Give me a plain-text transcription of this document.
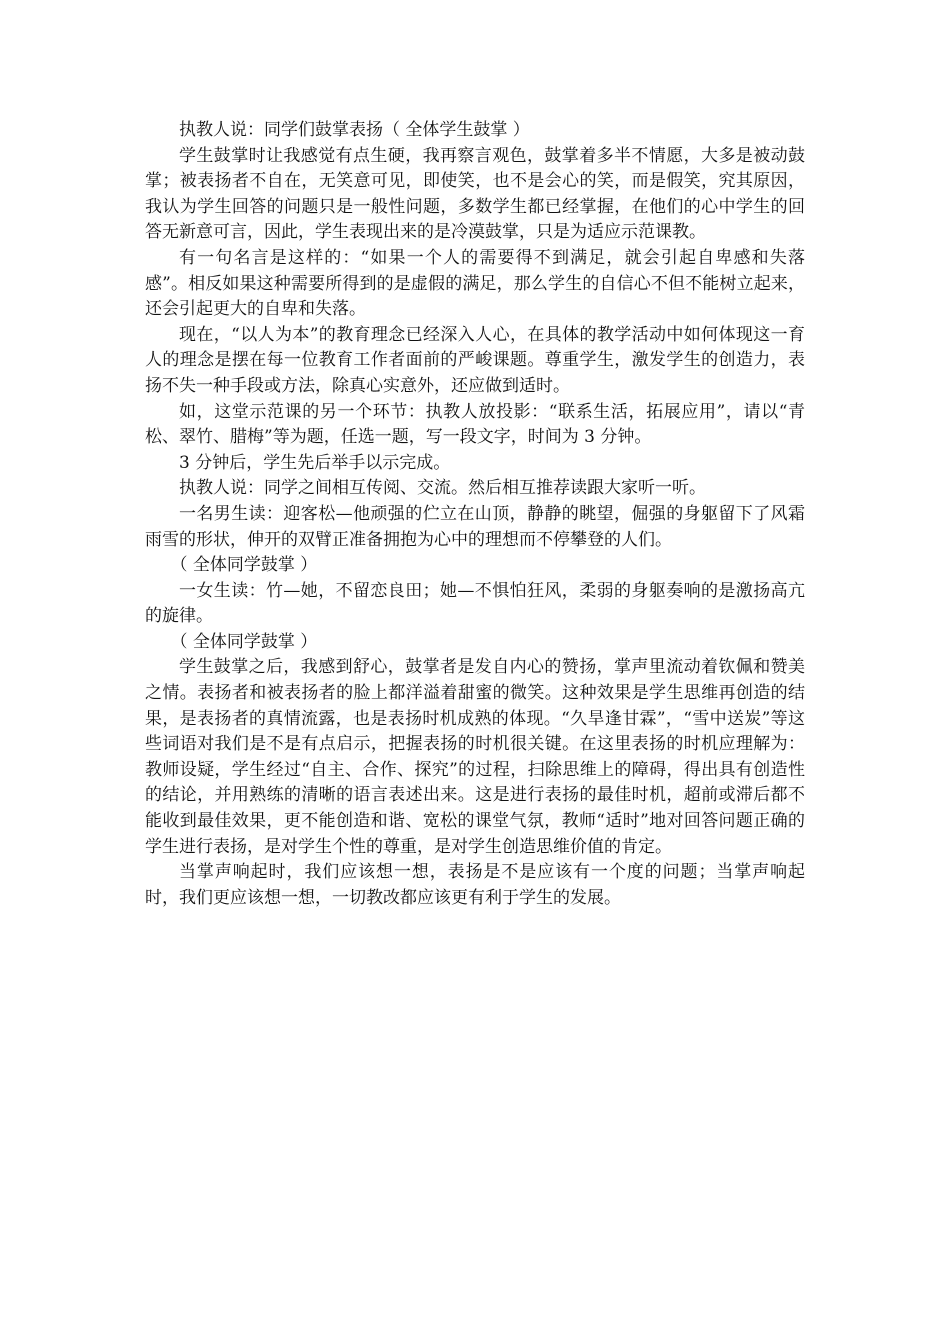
执教人说：同学们鼓掌表扬（ 全体学生鼓掌 ）

学生鼓掌时让我感觉有点生硬，我再察言观色，鼓掌着多半不情愿，大多是被动鼓掌；被表扬者不自在，无笑意可见，即使笑，也不是会心的笑，而是假笑，究其原因，我认为学生回答的问题只是一般性问题，多数学生都已经掌握，在他们的心中学生的回答无新意可言，因此，学生表现出来的是冷漠鼓掌，只是为适应示范课教。

有一句名言是这样的：“如果一个人的需要得不到满足，就会引起自卑感和失落感”。相反如果这种需要所得到的是虚假的满足，那么学生的自信心不但不能树立起来，还会引起更大的自卑和失落。

现在，“以人为本”的教育理念已经深入人心，在具体的教学活动中如何体现这一育人的理念是摆在每一位教育工作者面前的严峻课题。尊重学生，激发学生的创造力，表扬不失一种手段或方法，除真心实意外，还应做到适时。

如，这堂示范课的另一个环节：执教人放投影：“联系生活，拓展应用”，请以“青松、翠竹、腊梅”等为题，任选一题，写一段文字，时间为 3 分钟。

3 分钟后，学生先后举手以示完成。

执教人说：同学之间相互传阅、交流。然后相互推荐读跟大家听一听。

一名男生读：迎客松—他顽强的伫立在山顶，静静的眺望，倔强的身躯留下了风霜雨雪的形状，伸开的双臂正准备拥抱为心中的理想而不停攀登的人们。

（ 全体同学鼓掌 ）

一女生读：竹—她，不留恋良田；她—不惧怕狂风，柔弱的身躯奏响的是激扬高亢的旋律。

（ 全体同学鼓掌 ）

学生鼓掌之后，我感到舒心，鼓掌者是发自内心的赞扬，掌声里流动着钦佩和赞美之情。表扬者和被表扬者的脸上都洋溢着甜蜜的微笑。这种效果是学生思维再创造的结果，是表扬者的真情流露，也是表扬时机成熟的体现。“久旱逢甘霖”，“雪中送炭”等这些词语对我们是不是有点启示，把握表扬的时机很关键。在这里表扬的时机应理解为：教师设疑，学生经过“自主、合作、探究”的过程，扫除思维上的障碍，得出具有创造性的结论，并用熟练的清晰的语言表述出来。这是进行表扬的最佳时机，超前或滞后都不能收到最佳效果，更不能创造和谐、宽松的课堂气氛，教师“适时”地对回答问题正确的学生进行表扬，是对学生个性的尊重，是对学生创造思维价值的肯定。

当掌声响起时，我们应该想一想，表扬是不是应该有一个度的问题；当掌声响起时，我们更应该想一想，一切教改都应该更有利于学生的发展。
